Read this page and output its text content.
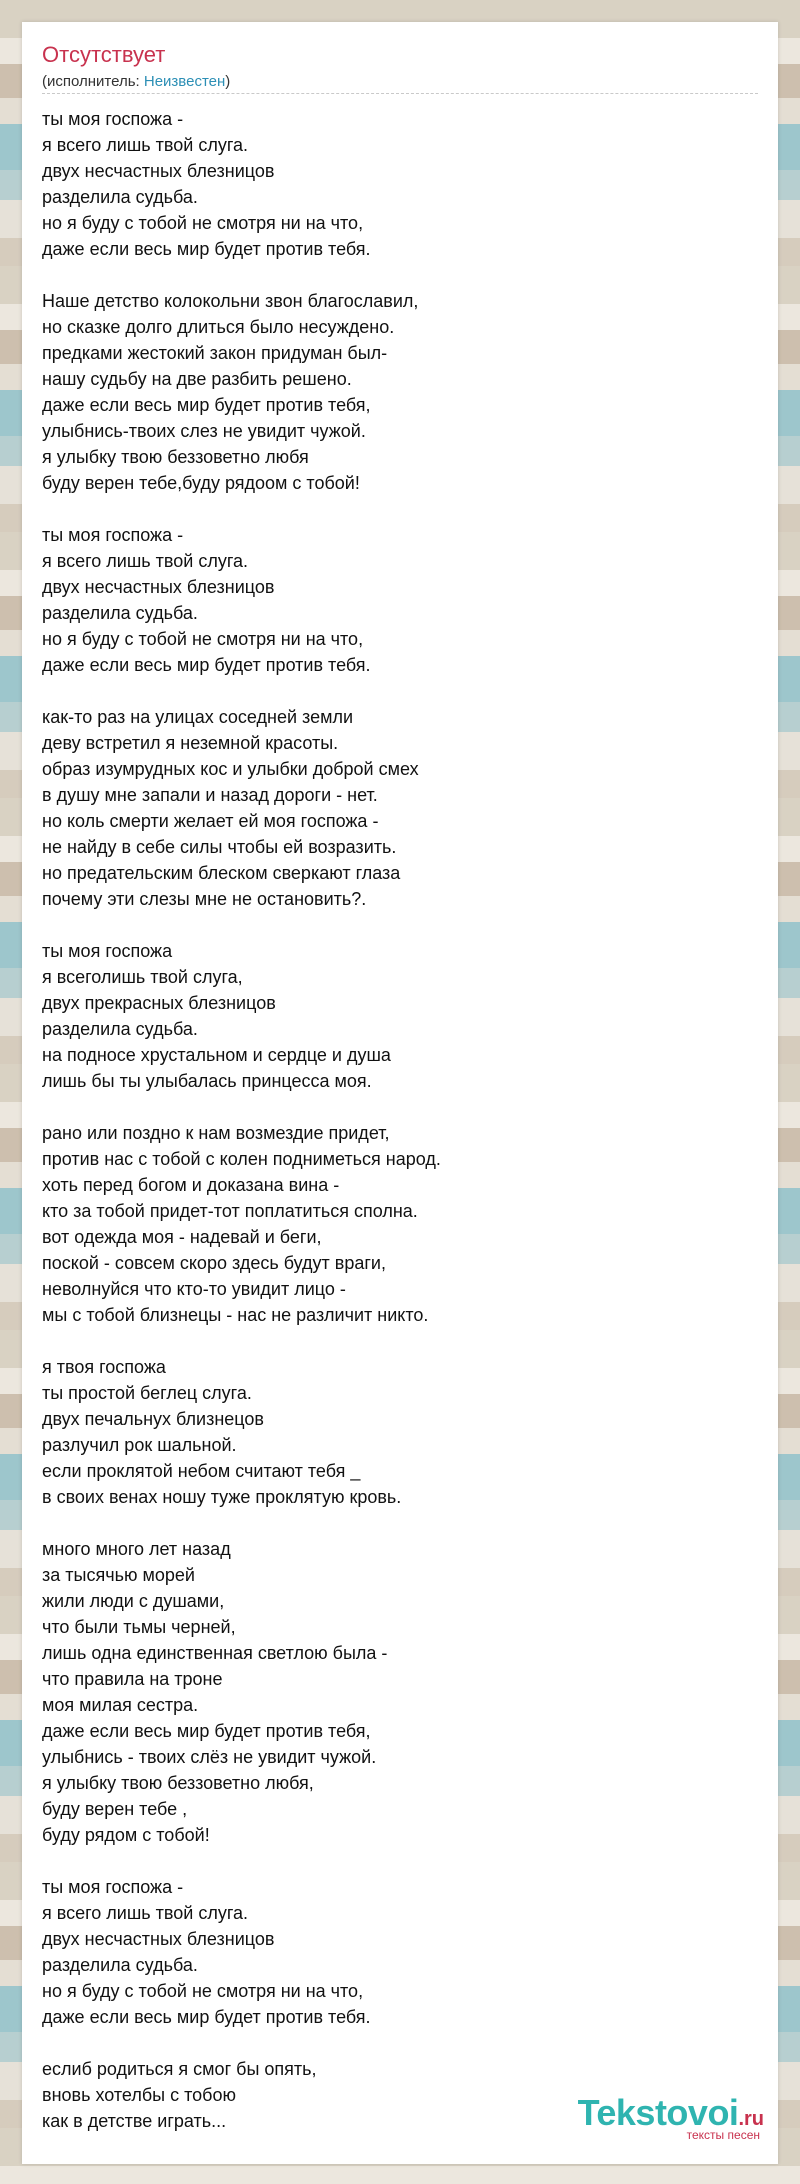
Отсутствует
(исполнитель: Неизвестен)
ты моя госпожа -
я всего лишь твой слуга.
двух несчастных блезницов
разделила судьба.
но я буду с тобой не смотря ни на что,
даже если весь мир будет против тебя.
Наше детство колокольни звон благославил,
но сказке долго длиться было несуждено.
предками жестокий закон придуман был-
нашу судьбу на две разбить решено.
даже если весь мир будет против тебя,
улыбнись-твоих слез не увидит чужой.
я улыбку твою беззоветно любя
буду верен тебе,буду рядоом с тобой!
ты моя госпожа -
я всего лишь твой слуга.
двух несчастных блезницов
разделила судьба.
но я буду с тобой не смотря ни на что,
даже если весь мир будет против тебя.
как-то раз на улицах соседней земли
деву встретил я неземной красоты.
образ изумрудных кос и улыбки доброй смех
в душу мне запали и назад дороги - нет.
но коль смерти желает ей моя госпожа -
не найду в себе силы чтобы ей возразить.
но предательским блеском сверкают глаза
почему эти слезы мне не остановить?.
ты моя госпожа
я всеголишь твой слуга,
двух прекрасных блезницов
разделила судьба.
на подносе хрустальном и сердце и душа
лишь бы ты улыбалась принцесса моя.
рано или поздно к нам возмездие придет,
против нас с тобой с колен подниметься народ.
хоть перед богом и доказана вина -
кто за тобой придет-тот поплатиться сполна.
вот одежда моя - надевай и беги,
поской - совсем скоро здесь будут враги,
неволнуйся что кто-то увидит лицо -
мы с тобой близнецы - нас не различит никто.
я твоя госпожа
ты простой беглец слуга.
двух печальнух близнецов
разлучил рок шальной.
если проклятой небом считают тебя _
в своих венах ношу туже проклятую кровь.
много много лет назад
за тысячью морей
жили люди с душами,
что были тьмы черней,
лишь одна единственная светлою была -
что правила на троне
моя милая сестра.
даже если весь мир будет против тебя,
улыбнись - твоих слёз не увидит чужой.
я улыбку твою беззоветно любя,
буду верен тебе ,
буду рядом с тобой!
ты моя госпожа -
я всего лишь твой слуга.
двух несчастных блезницов
разделила судьба.
но я буду с тобой не смотря ни на что,
даже если весь мир будет против тебя.
еслиб родиться я смог бы опять,
вновь хотелбы с тобою
как в детстве играть...	Tekstovoi.ru
тексты песен
